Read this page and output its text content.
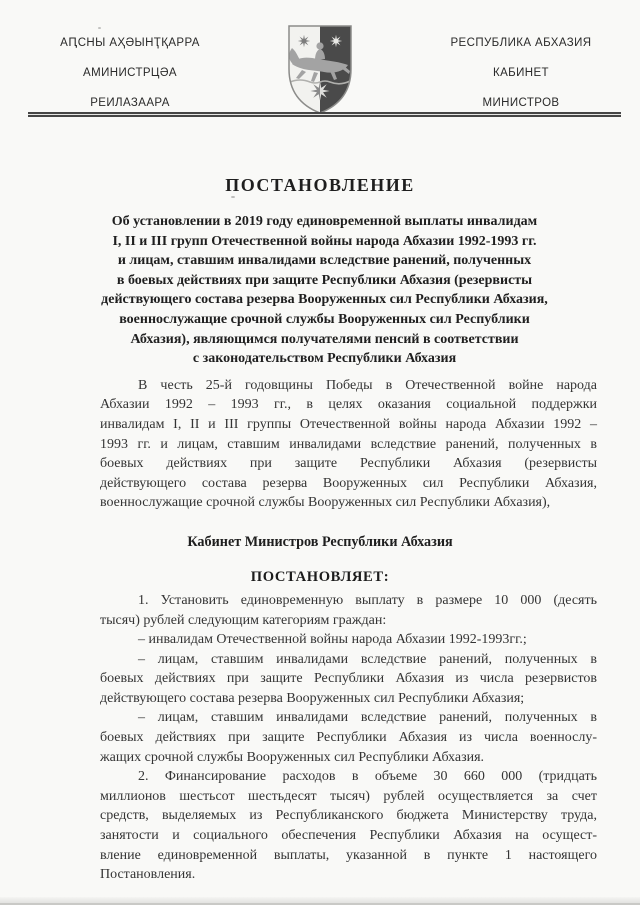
АԤСНЫ АҲӘЫНҬҚАРРА
АМИНИСТРЦӘА
РЕИЛАЗААРА
РЕСПУБЛИКА АБХАЗИЯ
КАБИНЕТ
МИНИСТРОВ
ПОСТАНОВЛЕНИЕ
Об установлении в 2019 году единовременной выплаты инвалидам
I, II и III групп Отечественной войны народа Абхазии 1992-1993 гг.
и лицам, ставшим инвалидами вследствие ранений, полученных
в боевых действиях при защите Республики Абхазия (резервисты
действующего состава резерва Вооруженных сил Республики Абхазия,
военнослужащие срочной службы Вооруженных сил Республики
Абхазия), являющимся получателями пенсий в соответствии
с законодательством Республики Абхазия
В честь 25-й годовщины Победы в Отечественной войне народа
Абхазии 1992 – 1993 гг., в целях оказания социальной поддержки
инвалидам I, II и III группы Отечественной войны народа Абхазии 1992 –
1993 гг. и лицам, ставшим инвалидами вследствие ранений, полученных в
боевых действиях при защите Республики Абхазия (резервисты
действующего состава резерва Вооруженных сил Республики Абхазия,
военнослужащие срочной службы Вооруженных сил Республики Абхазия),
Кабинет Министров Республики Абхазия
ПОСТАНОВЛЯЕТ:
1. Установить единовременную выплату в размере 10 000 (десять
тысяч) рублей следующим категориям граждан:
– инвалидам Отечественной войны народа Абхазии 1992-1993гг.;
– лицам, ставшим инвалидами вследствие ранений, полученных в
боевых действиях при защите Республики Абхазия из числа резервистов
действующего состава резерва Вооруженных сил Республики Абхазия;
– лицам, ставшим инвалидами вследствие ранений, полученных в
боевых действиях при защите Республики Абхазия из числа военнослу-
жащих срочной службы Вооруженных сил Республики Абхазия.
2. Финансирование расходов в объеме 30 660 000 (тридцать
миллионов шестьсот шестьдесят тысяч) рублей осуществляется за счет
средств, выделяемых из Республиканского бюджета Министерству труда,
занятости и социального обеспечения Республики Абхазия на осущест-
вление единовременной выплаты, указанной в пункте 1 настоящего
Постановления.
